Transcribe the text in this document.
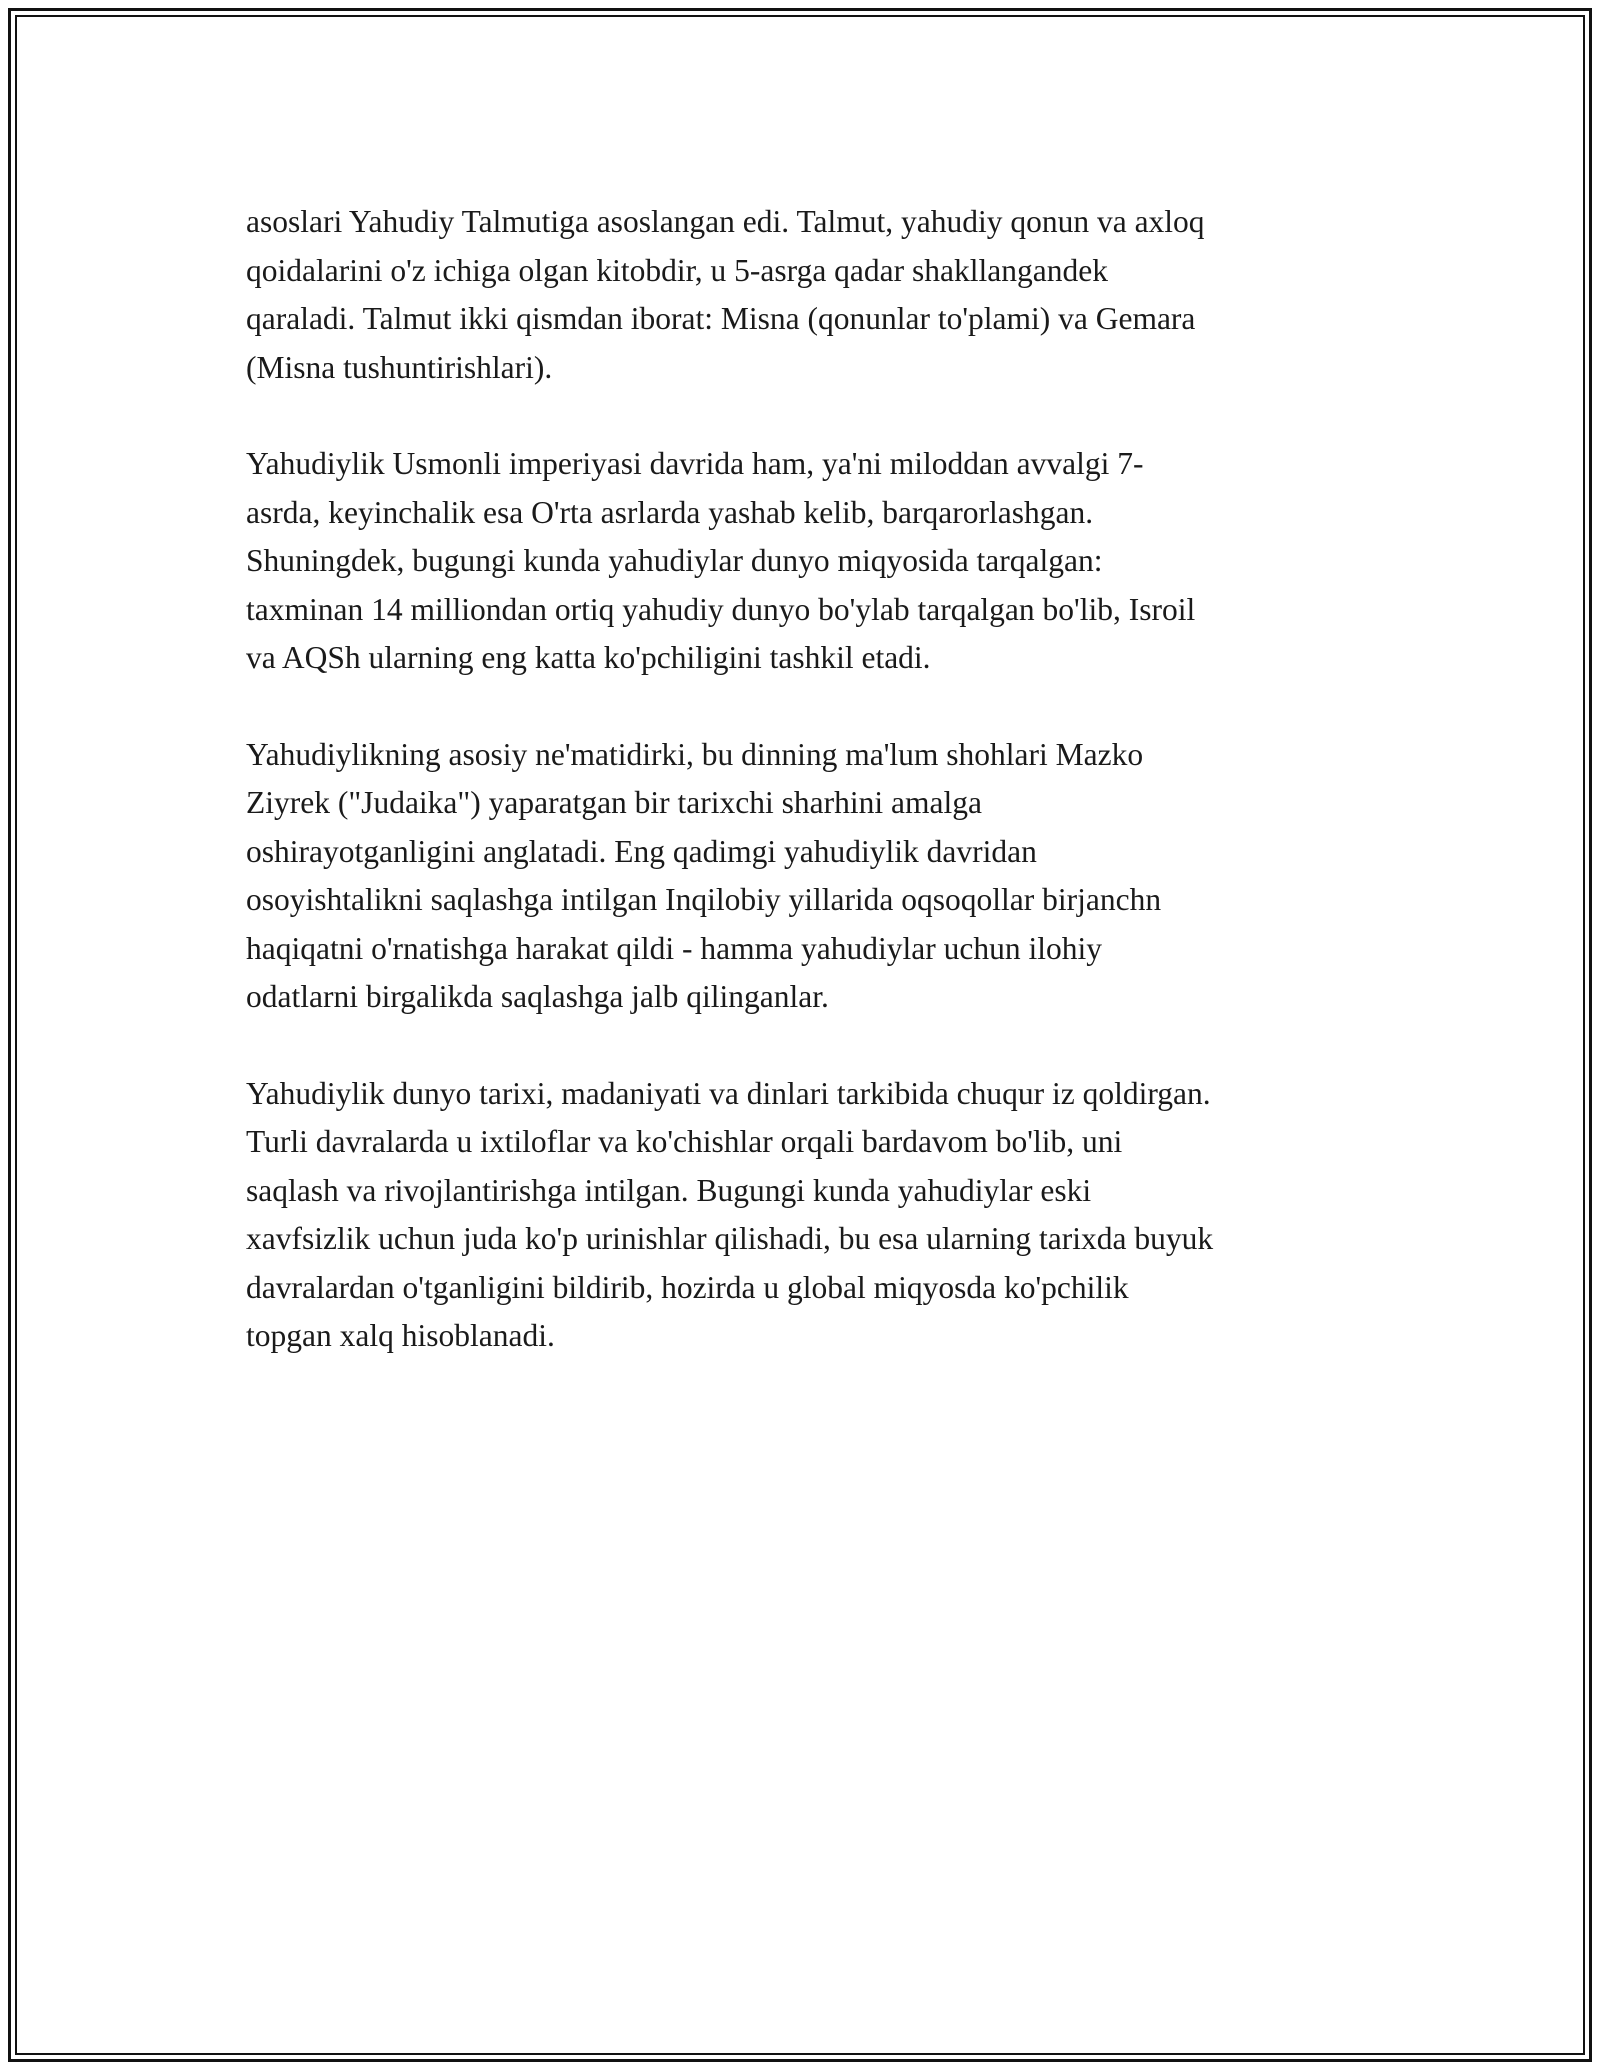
asoslari Yahudiy Talmutiga asoslangan edi. Talmut, yahudiy qonun va axloq
qoidalarini o'z ichiga olgan kitobdir, u 5-asrga qadar shakllangandek
qaraladi. Talmut ikki qismdan iborat: Misna (qonunlar to'plami) va Gemara
(Misna tushuntirishlari).

Yahudiylik Usmonli imperiyasi davrida ham, ya'ni miloddan avvalgi 7-
asrda, keyinchalik esa O'rta asrlarda yashab kelib, barqarorlashgan.
Shuningdek, bugungi kunda yahudiylar dunyo miqyosida tarqalgan:
taxminan 14 milliondan ortiq yahudiy dunyo bo'ylab tarqalgan bo'lib, Isroil
va AQSh ularning eng katta ko'pchiligini tashkil etadi.

Yahudiylikning asosiy ne'matidirki, bu dinning ma'lum shohlari Mazko
Ziyrek ("Judaika") yaparatgan bir tarixchi sharhini amalga
oshirayotganligini anglatadi. Eng qadimgi yahudiylik davridan
osoyishtalikni saqlashga intilgan Inqilobiy yillarida oqsoqollar birjanchn
haqiqatni o'rnatishga harakat qildi - hamma yahudiylar uchun ilohiy
odatlarni birgalikda saqlashga jalb qilinganlar.

Yahudiylik dunyo tarixi, madaniyati va dinlari tarkibida chuqur iz qoldirgan.
Turli davralarda u ixtiloflar va ko'chishlar orqali bardavom bo'lib, uni
saqlash va rivojlantirishga intilgan. Bugungi kunda yahudiylar eski
xavfsizlik uchun juda ko'p urinishlar qilishadi, bu esa ularning tarixda buyuk
davralardan o'tganligini bildirib, hozirda u global miqyosda ko'pchilik
topgan xalq hisoblanadi.
